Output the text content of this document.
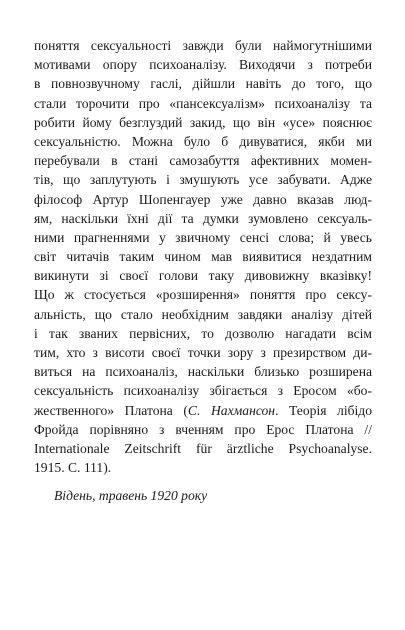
поняття сексуальності завжди були наймогутнішими
мотивами опору психоаналізу. Виходячи з потреби
в повнозвучному гаслі, дійшли навіть до того, що
стали торочити про «пансексуалізм» психоаналізу та
робити йому безглуздий закид, що він «усе» пояснює
сексуальністю. Можна було б дивуватися, якби ми
перебували в стані самозабуття афективних момен-
тів, що заплутують і змушують усе забувати. Адже
філософ Артур Шопенгауер уже давно вказав люд-
ям, наскільки їхні дії та думки зумовлено сексуаль-
ними прагненнями у звичному сенсі слова; й увесь
світ читачів таким чином мав виявитися нездатним
викинути зі своєї голови таку дивовижну вказівку!
Що ж стосується «розширення» поняття про сексу-
альність, що стало необхідним завдяки аналізу дітей
і так званих первісних, то дозволю нагадати всім
тим, хто з висоти своєї точки зору з презирством ди-
виться на психоаналіз, наскільки близько розширена
сексуальність психоаналізу збігається з Еросом «бо-
жественного» Платона (С. Нахмансон. Теорія лібідо
Фройда порівняно з вченням про Ерос Платона //
Internationale Zeitschrift für ärztliche Psychoanalyse.
1915. С. 111).
Відень, травень 1920 року
